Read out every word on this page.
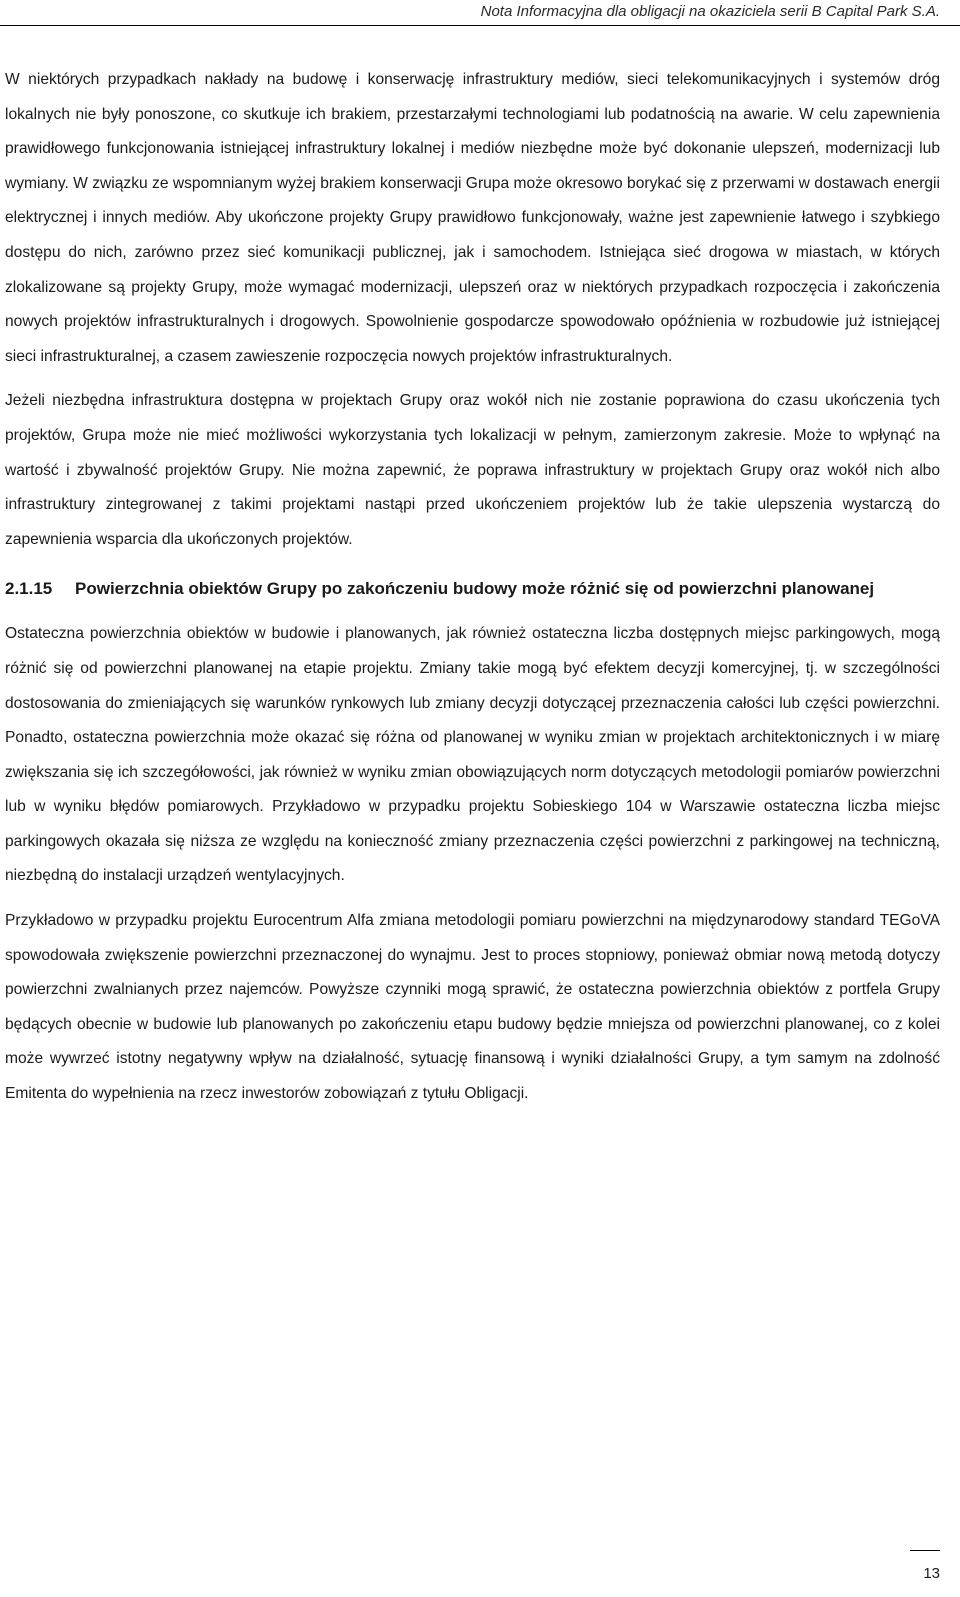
Nota Informacyjna dla obligacji na okaziciela serii B Capital Park S.A.

W niektórych przypadkach nakłady na budowę i konserwację infrastruktury mediów, sieci telekomunikacyjnych i systemów dróg lokalnych nie były ponoszone, co skutkuje ich brakiem, przestarzałymi technologiami lub podatnością na awarie. W celu zapewnienia prawidłowego funkcjonowania istniejącej infrastruktury lokalnej i mediów niezbędne może być dokonanie ulepszeń, modernizacji lub wymiany. W związku ze wspomnianym wyżej brakiem konserwacji Grupa może okresowo borykać się z przerwami w dostawach energii elektrycznej i innych mediów. Aby ukończone projekty Grupy prawidłowo funkcjonowały, ważne jest zapewnienie łatwego i szybkiego dostępu do nich, zarówno przez sieć komunikacji publicznej, jak i samochodem. Istniejąca sieć drogowa w miastach, w których zlokalizowane są projekty Grupy, może wymagać modernizacji, ulepszeń oraz w niektórych przypadkach rozpoczęcia i zakończenia nowych projektów infrastrukturalnych i drogowych. Spowolnienie gospodarcze spowodowało opóźnienia w rozbudowie już istniejącej sieci infrastrukturalnej, a czasem zawieszenie rozpoczęcia nowych projektów infrastrukturalnych.

Jeżeli niezbędna infrastruktura dostępna w projektach Grupy oraz wokół nich nie zostanie poprawiona do czasu ukończenia tych projektów, Grupa może nie mieć możliwości wykorzystania tych lokalizacji w pełnym, zamierzonym zakresie. Może to wpłynąć na wartość i zbywalność projektów Grupy. Nie można zapewnić, że poprawa infrastruktury w projektach Grupy oraz wokół nich albo infrastruktury zintegrowanej z takimi projektami nastąpi przed ukończeniem projektów lub że takie ulepszenia wystarczą do zapewnienia wsparcia dla ukończonych projektów.

2.1.15	Powierzchnia obiektów Grupy po zakończeniu budowy może różnić się od powierzchni planowanej

Ostateczna powierzchnia obiektów w budowie i planowanych, jak również ostateczna liczba dostępnych miejsc parkingowych, mogą różnić się od powierzchni planowanej na etapie projektu. Zmiany takie mogą być efektem decyzji komercyjnej, tj. w szczególności dostosowania do zmieniających się warunków rynkowych lub zmiany decyzji dotyczącej przeznaczenia całości lub części powierzchni. Ponadto, ostateczna powierzchnia może okazać się różna od planowanej w wyniku zmian w projektach architektonicznych i w miarę zwiększania się ich szczegółowości, jak również w wyniku zmian obowiązujących norm dotyczących metodologii pomiarów powierzchni lub w wyniku błędów pomiarowych. Przykładowo w przypadku projektu Sobieskiego 104 w Warszawie ostateczna liczba miejsc parkingowych okazała się niższa ze względu na konieczność zmiany przeznaczenia części powierzchni z parkingowej na techniczną, niezbędną do instalacji urządzeń wentylacyjnych.

Przykładowo w przypadku projektu Eurocentrum Alfa zmiana metodologii pomiaru powierzchni na międzynarodowy standard TEGoVA spowodowała zwiększenie powierzchni przeznaczonej do wynajmu. Jest to proces stopniowy, ponieważ obmiar nową metodą dotyczy powierzchni zwalnianych przez najemców. Powyższe czynniki mogą sprawić, że ostateczna powierzchnia obiektów z portfela Grupy będących obecnie w budowie lub planowanych po zakończeniu etapu budowy będzie mniejsza od powierzchni planowanej, co z kolei może wywrzeć istotny negatywny wpływ na działalność, sytuację finansową i wyniki działalności Grupy, a tym samym na zdolność Emitenta do wypełnienia na rzecz inwestorów zobowiązań z tytułu Obligacji.

13
